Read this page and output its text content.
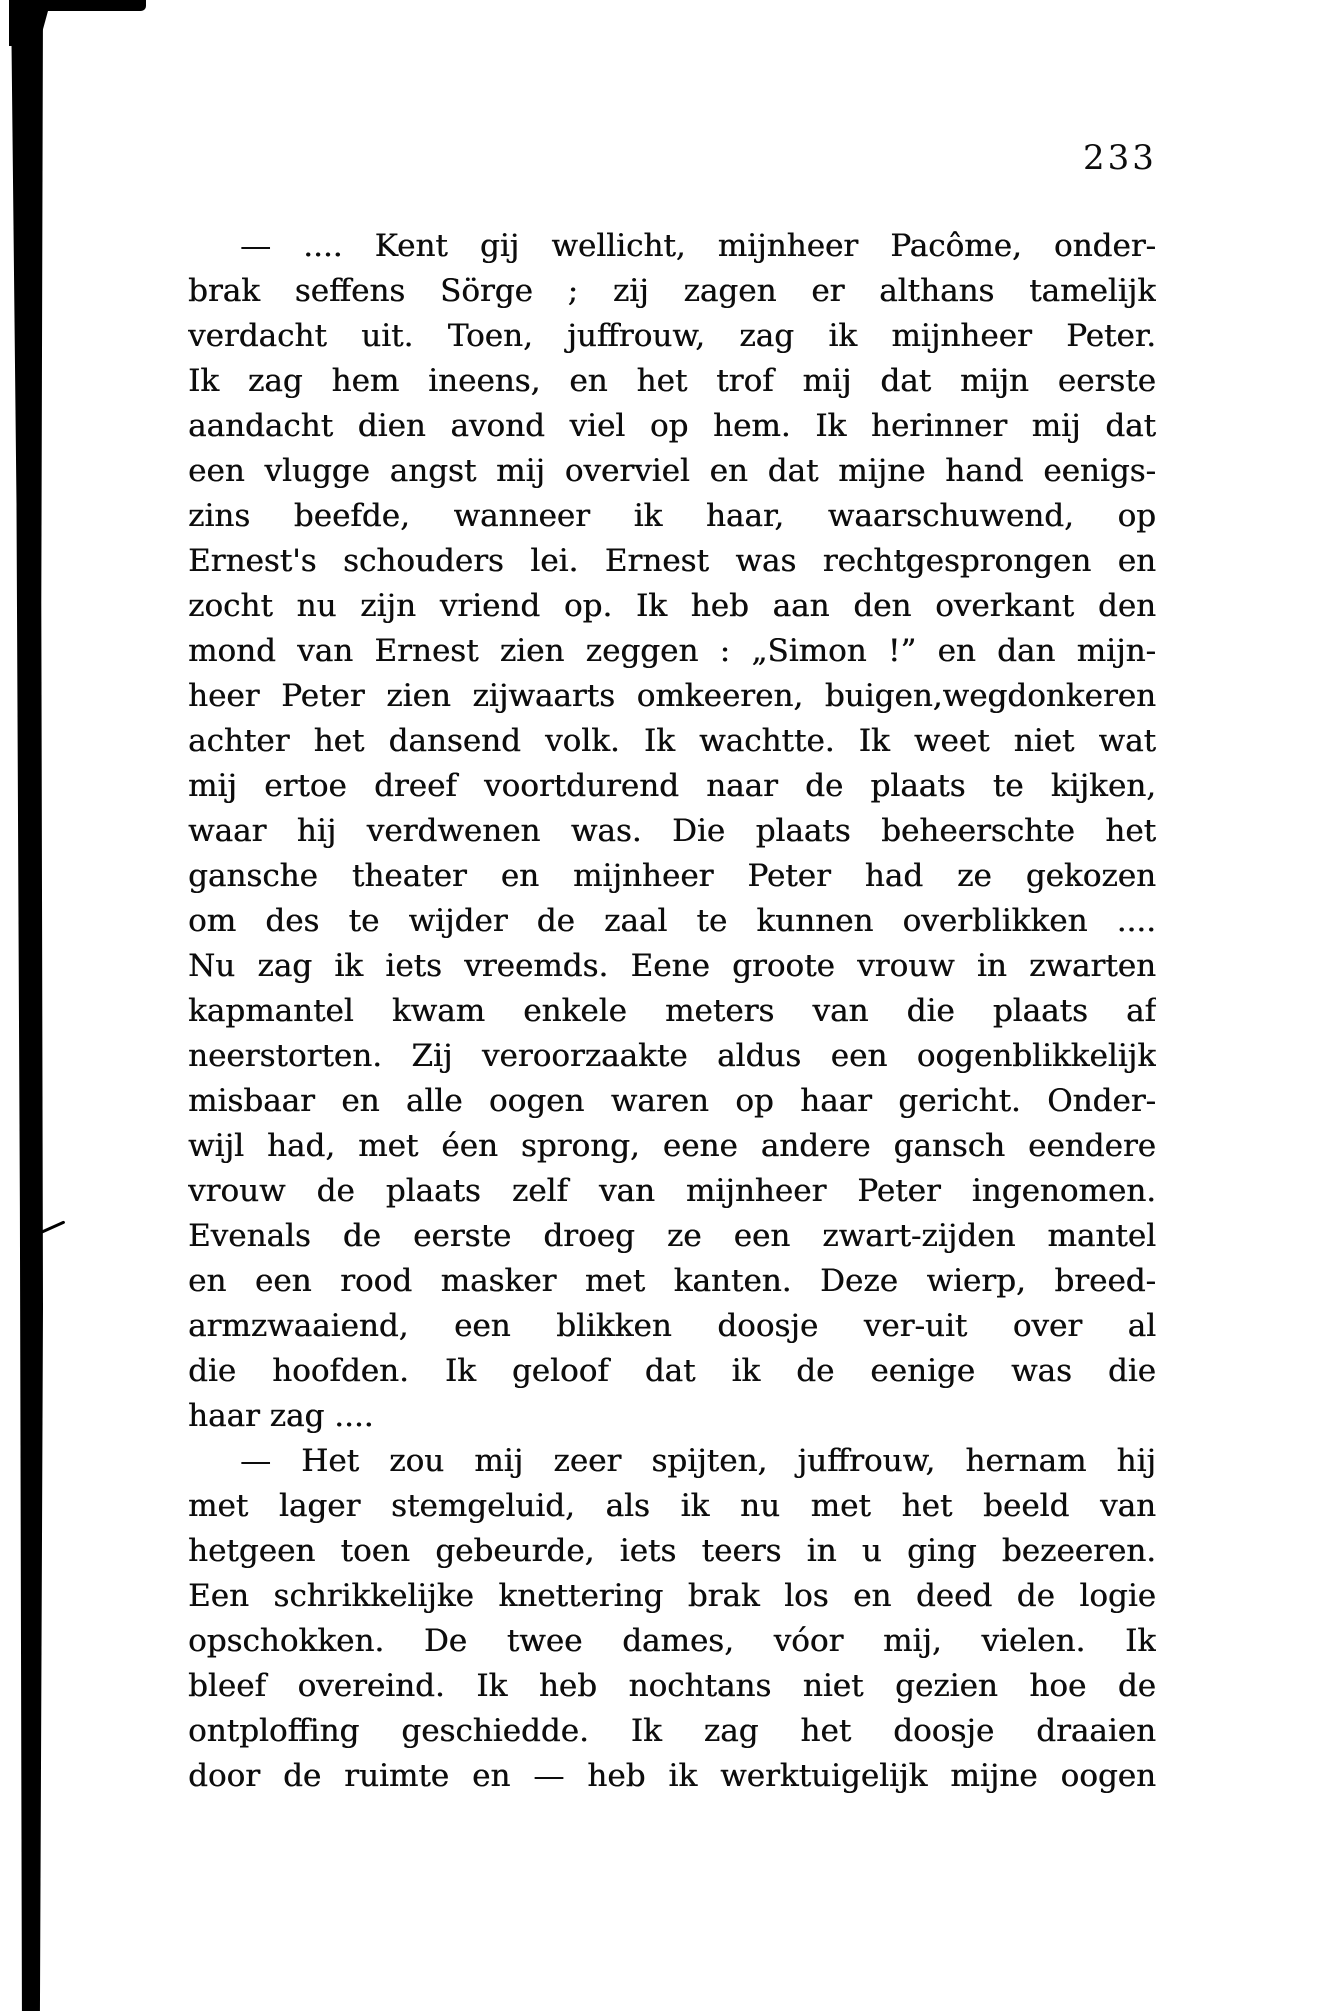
233
— .... Kent gij wellicht, mijnheer Pacôme, onder-
brak seffens Sörge ; zij zagen er althans tamelijk
verdacht uit. Toen, juffrouw, zag ik mijnheer Peter.
Ik zag hem ineens, en het trof mij dat mijn eerste
aandacht dien avond viel op hem. Ik herinner mij dat
een vlugge angst mij overviel en dat mijne hand eenigs-
zins beefde, wanneer ik haar, waarschuwend, op
Ernest's schouders lei. Ernest was rechtgesprongen en
zocht nu zijn vriend op. Ik heb aan den overkant den
mond van Ernest zien zeggen : „Simon !” en dan mijn-
heer Peter zien zijwaarts omkeeren, buigen,wegdonkeren
achter het dansend volk. Ik wachtte. Ik weet niet wat
mij ertoe dreef voortdurend naar de plaats te kijken,
waar hij verdwenen was. Die plaats beheerschte het
gansche theater en mijnheer Peter had ze gekozen
om des te wijder de zaal te kunnen overblikken ....
Nu zag ik iets vreemds. Eene groote vrouw in zwarten
kapmantel kwam enkele meters van die plaats af
neerstorten. Zij veroorzaakte aldus een oogenblikkelijk
misbaar en alle oogen waren op haar gericht. Onder-
wijl had, met éen sprong, eene andere gansch eendere
vrouw de plaats zelf van mijnheer Peter ingenomen.
Evenals de eerste droeg ze een zwart-zijden mantel
en een rood masker met kanten. Deze wierp, breed-
armzwaaiend, een blikken doosje ver-uit over al
die hoofden. Ik geloof dat ik de eenige was die
haar zag ....
— Het zou mij zeer spijten, juffrouw, hernam hij
met lager stemgeluid, als ik nu met het beeld van
hetgeen toen gebeurde, iets teers in u ging bezeeren.
Een schrikkelijke knettering brak los en deed de logie
opschokken. De twee dames, vóor mij, vielen. Ik
bleef overeind. Ik heb nochtans niet gezien hoe de
ontploffing geschiedde. Ik zag het doosje draaien
door de ruimte en — heb ik werktuigelijk mijne oogen
